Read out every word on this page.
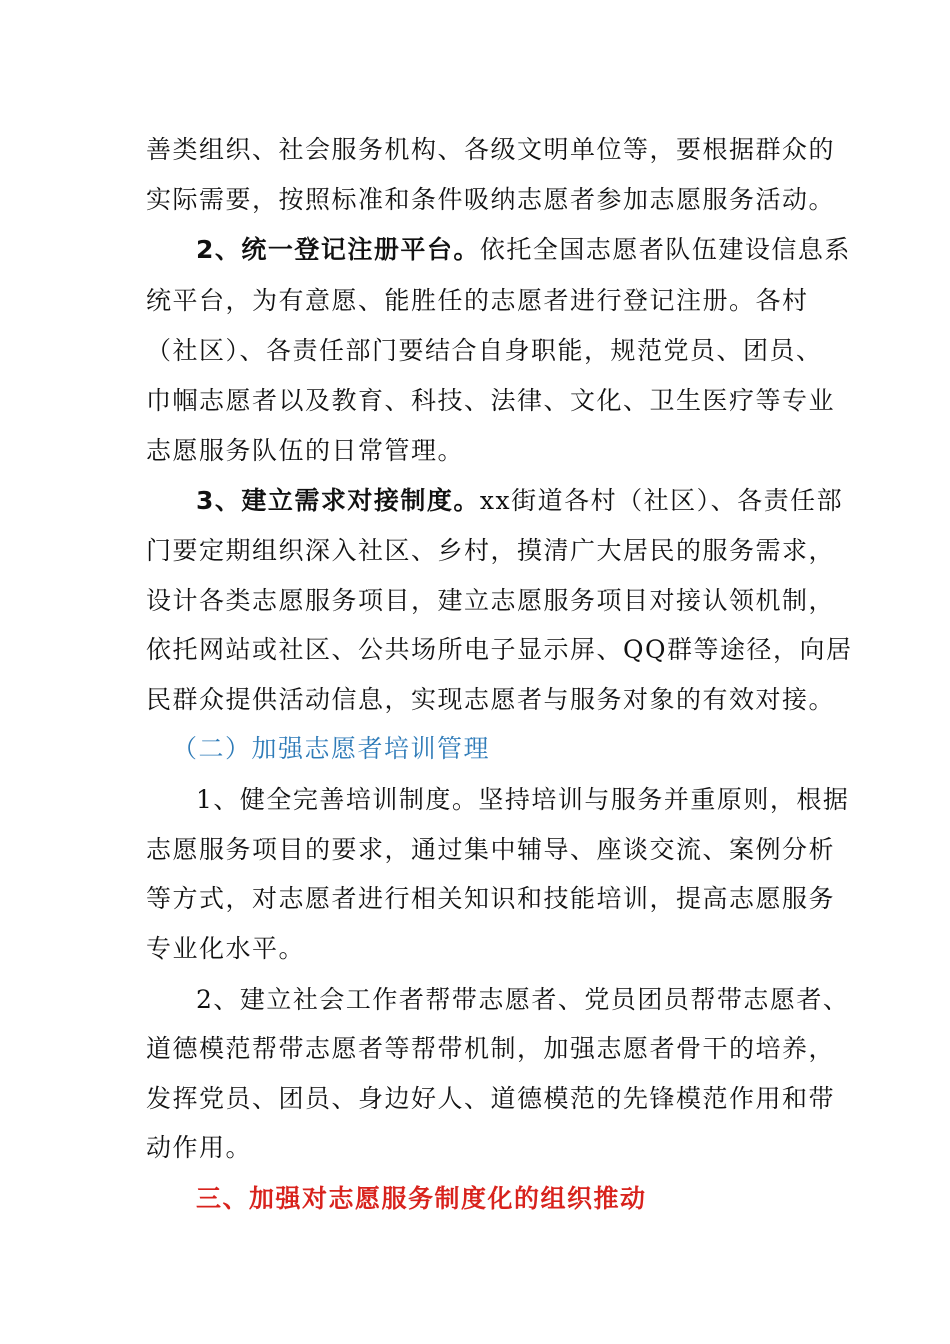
善类组织、社会服务机构、各级文明单位等，要根据群众的
实际需要，按照标准和条件吸纳志愿者参加志愿服务活动。
2、统一登记注册平台。依托全国志愿者队伍建设信息系
统平台，为有意愿、能胜任的志愿者进行登记注册。各村
（社区）、各责任部门要结合自身职能，规范党员、团员、
巾帼志愿者以及教育、科技、法律、文化、卫生医疗等专业
志愿服务队伍的日常管理。
3、建立需求对接制度。xx街道各村（社区）、各责任部
门要定期组织深入社区、乡村，摸清广大居民的服务需求，
设计各类志愿服务项目，建立志愿服务项目对接认领机制，
依托网站或社区、公共场所电子显示屏、QQ群等途径，向居
民群众提供活动信息，实现志愿者与服务对象的有效对接。
（二）加强志愿者培训管理
1、健全完善培训制度。坚持培训与服务并重原则，根据
志愿服务项目的要求，通过集中辅导、座谈交流、案例分析
等方式，对志愿者进行相关知识和技能培训，提高志愿服务
专业化水平。
2、建立社会工作者帮带志愿者、党员团员帮带志愿者、
道德模范帮带志愿者等帮带机制，加强志愿者骨干的培养，
发挥党员、团员、身边好人、道德模范的先锋模范作用和带
动作用。
三、加强对志愿服务制度化的组织推动
